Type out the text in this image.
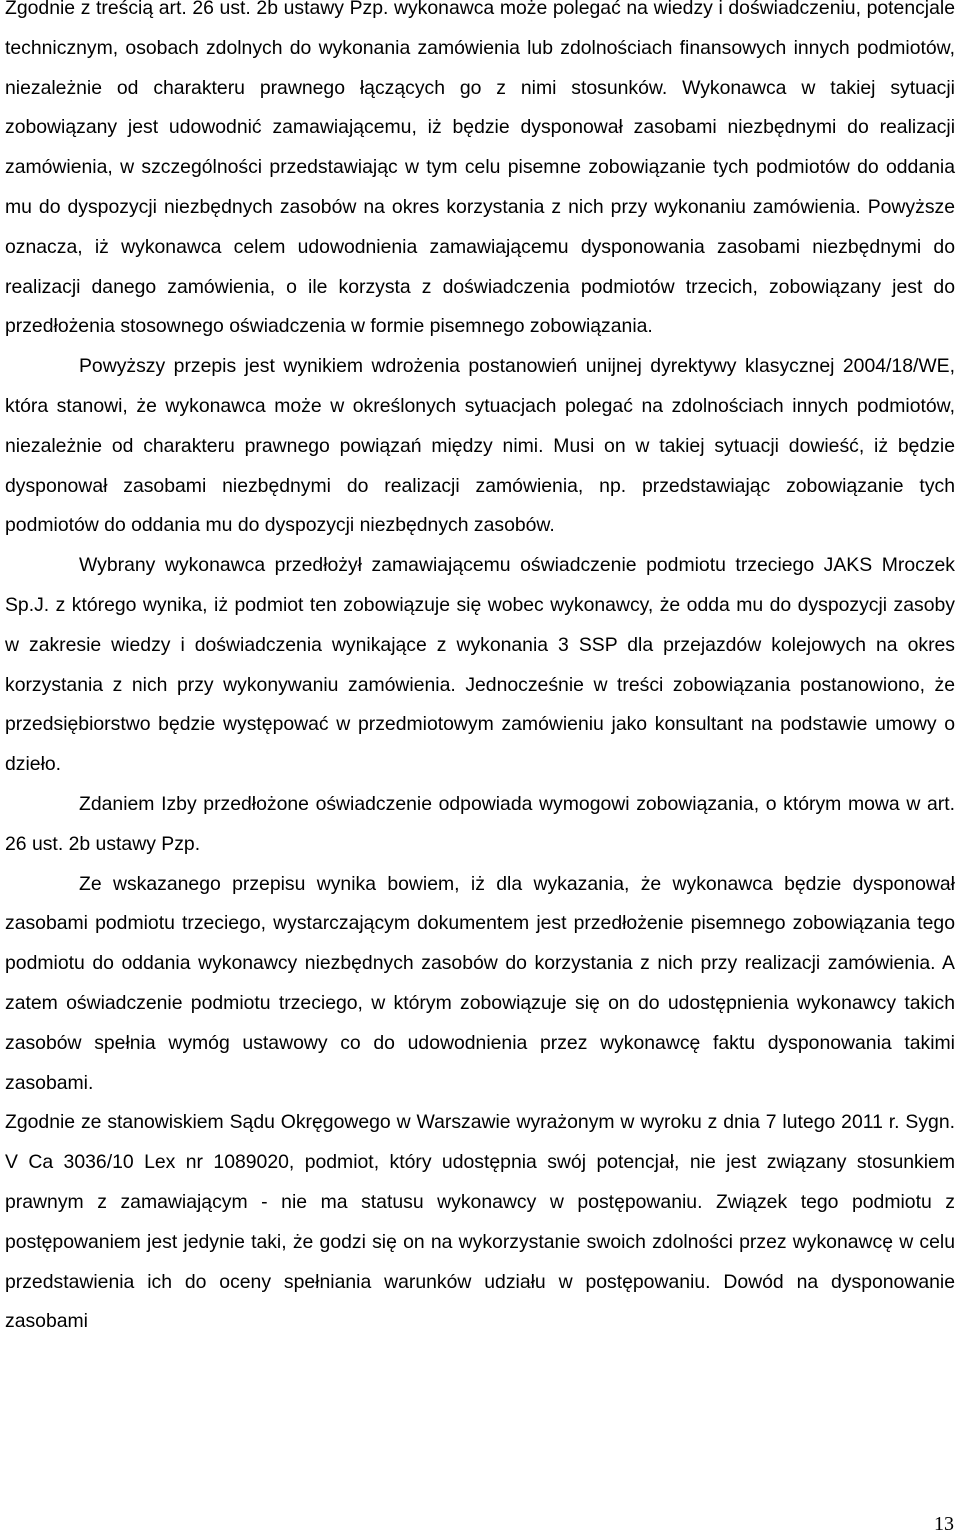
Zgodnie z treścią art. 26 ust. 2b ustawy Pzp. wykonawca może polegać na wiedzy i doświadczeniu, potencjale technicznym, osobach zdolnych do wykonania zamówienia lub zdolnościach finansowych innych podmiotów, niezależnie od charakteru prawnego łączących go z nimi stosunków. Wykonawca w takiej sytuacji zobowiązany jest udowodnić zamawiającemu, iż będzie dysponował zasobami niezbędnymi do realizacji zamówienia, w szczególności przedstawiając w tym celu pisemne zobowiązanie tych podmiotów do oddania mu do dyspozycji niezbędnych zasobów na okres korzystania z nich przy wykonaniu zamówienia. Powyższe oznacza, iż wykonawca celem udowodnienia zamawiającemu dysponowania zasobami niezbędnymi do realizacji danego zamówienia, o ile korzysta z doświadczenia podmiotów trzecich, zobowiązany jest do przedłożenia stosownego oświadczenia w formie pisemnego zobowiązania.

Powyższy przepis jest wynikiem wdrożenia postanowień unijnej dyrektywy klasycznej 2004/18/WE, która stanowi, że wykonawca może w określonych sytuacjach polegać na zdolnościach innych podmiotów, niezależnie od charakteru prawnego powiązań między nimi. Musi on w takiej sytuacji dowieść, iż będzie dysponował zasobami niezbędnymi do realizacji zamówienia, np. przedstawiając zobowiązanie tych podmiotów do oddania mu do dyspozycji niezbędnych zasobów.

Wybrany wykonawca przedłożył zamawiającemu oświadczenie podmiotu trzeciego JAKS Mroczek Sp.J. z którego wynika, iż podmiot ten zobowiązuje się wobec wykonawcy, że odda mu do dyspozycji zasoby w zakresie wiedzy i doświadczenia wynikające z wykonania 3 SSP dla przejazdów kolejowych na okres korzystania z nich przy wykonywaniu zamówienia. Jednocześnie w treści zobowiązania postanowiono, że przedsiębiorstwo będzie występować w przedmiotowym zamówieniu jako konsultant na podstawie umowy o dzieło.

Zdaniem Izby przedłożone oświadczenie odpowiada wymogowi zobowiązania, o którym mowa w art. 26 ust. 2b ustawy Pzp.

Ze wskazanego przepisu wynika bowiem, iż dla wykazania, że wykonawca będzie dysponował zasobami podmiotu trzeciego, wystarczającym dokumentem jest przedłożenie pisemnego zobowiązania tego podmiotu do oddania wykonawcy niezbędnych zasobów do korzystania z nich przy realizacji zamówienia. A zatem oświadczenie podmiotu trzeciego, w którym zobowiązuje się on do udostępnienia wykonawcy takich zasobów spełnia wymóg ustawowy co do udowodnienia przez wykonawcę faktu dysponowania takimi zasobami.

Zgodnie ze stanowiskiem Sądu Okręgowego w Warszawie wyrażonym w wyroku z dnia 7 lutego 2011 r. Sygn. V Ca 3036/10 Lex nr 1089020, podmiot, który udostępnia swój potencjał, nie jest związany stosunkiem prawnym z zamawiającym - nie ma statusu wykonawcy w postępowaniu. Związek tego podmiotu z postępowaniem jest jedynie taki, że godzi się on na wykorzystanie swoich zdolności przez wykonawcę w celu przedstawienia ich do oceny spełniania warunków udziału w postępowaniu. Dowód na dysponowanie zasobami

13
